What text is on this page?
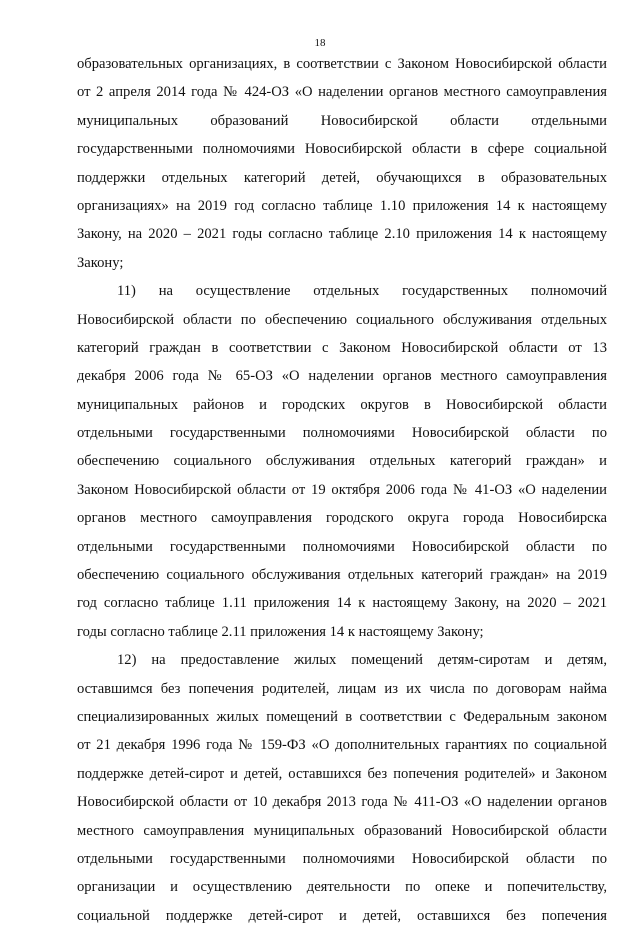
18
образовательных организациях, в соответствии с Законом Новосибирской области
от 2 апреля 2014 года № 424-ОЗ «О наделении органов местного самоуправления
муниципальных образований Новосибирской области отдельными
государственными полномочиями Новосибирской области в сфере социальной
поддержки отдельных категорий детей, обучающихся в образовательных
организациях» на 2019 год согласно таблице 1.10 приложения 14 к настоящему
Закону, на 2020 – 2021 годы согласно таблице 2.10 приложения 14 к настоящему
Закону;
11) на осуществление отдельных государственных полномочий
Новосибирской области по обеспечению социального обслуживания отдельных
категорий граждан в соответствии с Законом Новосибирской области от 13
декабря 2006 года № 65-ОЗ «О наделении органов местного самоуправления
муниципальных районов и городских округов в Новосибирской области
отдельными государственными полномочиями Новосибирской области по
обеспечению социального обслуживания отдельных категорий граждан» и
Законом Новосибирской области от 19 октября 2006 года № 41-ОЗ «О наделении
органов местного самоуправления городского округа города Новосибирска
отдельными государственными полномочиями Новосибирской области по
обеспечению социального обслуживания отдельных категорий граждан» на 2019
год согласно таблице 1.11 приложения 14 к настоящему Закону, на 2020 – 2021
годы согласно таблице 2.11 приложения 14 к настоящему Закону;
12) на предоставление жилых помещений детям-сиротам и детям,
оставшимся без попечения родителей, лицам из их числа по договорам найма
специализированных жилых помещений в соответствии с Федеральным законом
от 21 декабря 1996 года № 159-ФЗ «О дополнительных гарантиях по социальной
поддержке детей-сирот и детей, оставшихся без попечения родителей» и Законом
Новосибирской области от 10 декабря 2013 года № 411-ОЗ «О наделении органов
местного самоуправления муниципальных образований Новосибирской области
отдельными государственными полномочиями Новосибирской области по
организации и осуществлению деятельности по опеке и попечительству,
социальной поддержке детей-сирот и детей, оставшихся без попечения
